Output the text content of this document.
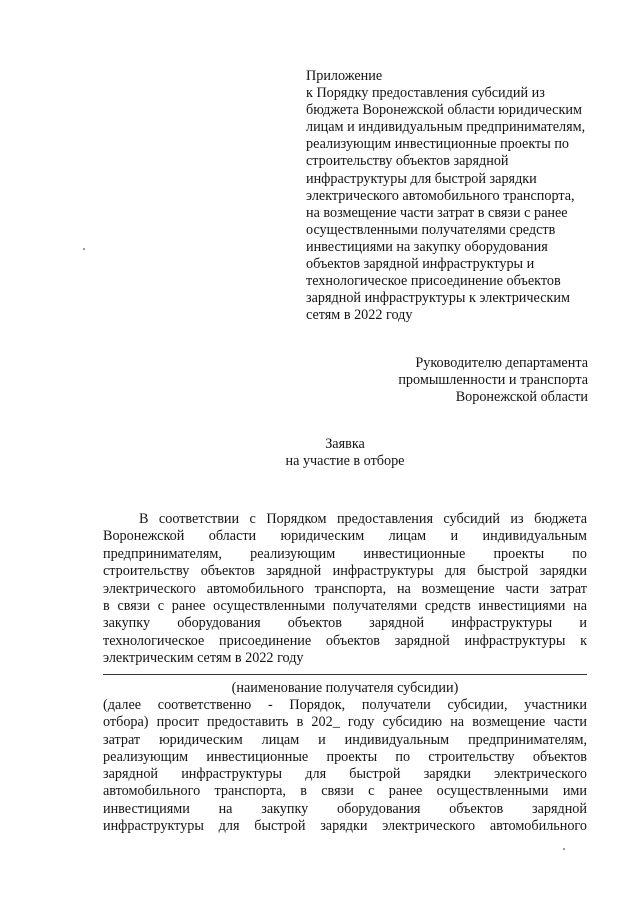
Приложение
к Порядку предоставления субсидий из
бюджета Воронежской области юридическим
лицам и индивидуальным предпринимателям,
реализующим инвестиционные проекты по
строительству объектов зарядной
инфраструктуры для быстрой зарядки
электрического автомобильного транспорта,
на возмещение части затрат в связи с ранее
осуществленными получателями средств
инвестициями на закупку оборудования
объектов зарядной инфраструктуры и
технологическое присоединение объектов
зарядной инфраструктуры к электрическим
сетям в 2022 году
Руководителю департамента
промышленности и транспорта
Воронежской области
Заявка
на участие в отборе
В соответствии с Порядком предоставления субсидий из бюджета
Воронежской области юридическим лицам и индивидуальным
предпринимателям, реализующим инвестиционные проекты по
строительству объектов зарядной инфраструктуры для быстрой зарядки
электрического автомобильного транспорта, на возмещение части затрат
в связи с ранее осуществленными получателями средств инвестициями на
закупку оборудования объектов зарядной инфраструктуры и
технологическое присоединение объектов зарядной инфраструктуры к
электрическим сетям в 2022 году
(наименование получателя субсидии)
(далее соответственно - Порядок, получатели субсидии, участники
отбора) просит предоставить в 202_ году субсидию на возмещение части
затрат юридическим лицам и индивидуальным предпринимателям,
реализующим инвестиционные проекты по строительству объектов
зарядной инфраструктуры для быстрой зарядки электрического
автомобильного транспорта, в связи с ранее осуществленными ими
инвестициями на закупку оборудования объектов зарядной
инфраструктуры для быстрой зарядки электрического автомобильного
